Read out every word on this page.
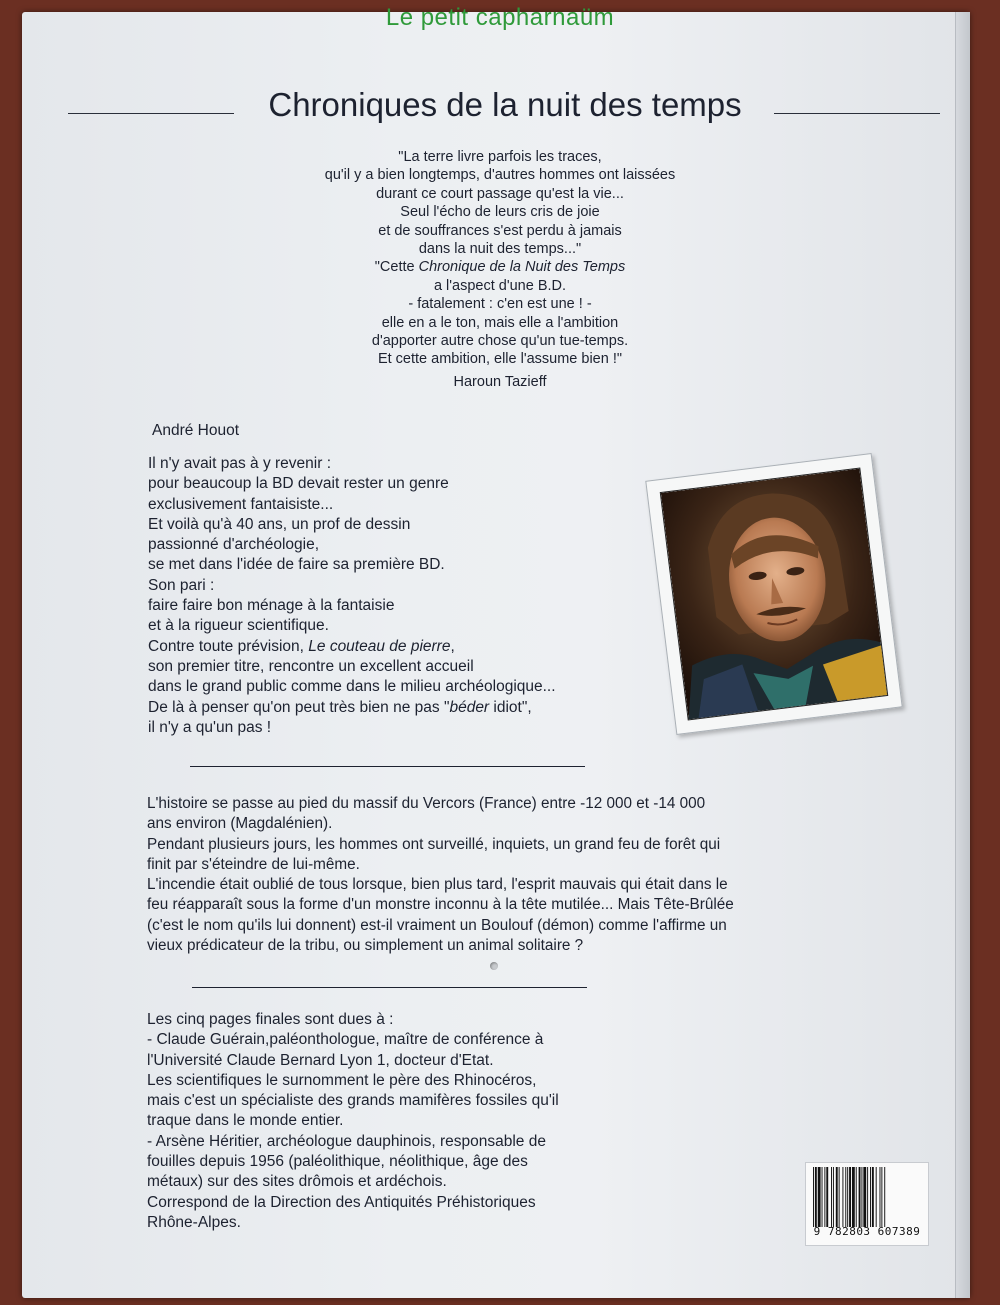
Le petit capharnaüm
Chroniques de la nuit des temps
"La terre livre parfois les traces,
qu'il y a bien longtemps, d'autres hommes ont laissées
durant ce court passage qu'est la vie...
Seul l'écho de leurs cris de joie
et de souffrances s'est perdu à jamais
dans la nuit des temps..."
"Cette Chronique de la Nuit des Temps
a l'aspect d'une B.D.
- fatalement : c'en est une ! -
elle en a le ton, mais elle a l'ambition
d'apporter autre chose qu'un tue-temps.
Et cette ambition, elle l'assume bien !"
Haroun Tazieff
André Houot
Il n'y avait pas à y revenir :
pour beaucoup la BD devait rester un genre
exclusivement fantaisiste...
Et voilà qu'à 40 ans, un prof de dessin
passionné d'archéologie,
se met dans l'idée de faire sa première BD.
Son pari :
faire faire bon ménage à la fantaisie
et à la rigueur scientifique.
Contre toute prévision, Le couteau de pierre,
son premier titre, rencontre un excellent accueil
dans le grand public comme dans le milieu archéologique...
De là à penser qu'on peut très bien ne pas "béder idiot",
il n'y a qu'un pas !
L'histoire se passe au pied du massif du Vercors (France) entre -12 000 et -14 000
ans environ (Magdalénien).
Pendant plusieurs jours, les hommes ont surveillé, inquiets, un grand feu de forêt qui
finit par s'éteindre de lui-même.
L'incendie était oublié de tous lorsque, bien plus tard, l'esprit mauvais qui était dans le
feu réapparaît sous la forme d'un monstre inconnu à la tête mutilée... Mais Tête-Brûlée
(c'est le nom qu'ils lui donnent) est-il vraiment un Boulouf (démon) comme l'affirme un
vieux prédicateur de la tribu, ou simplement un animal solitaire ?
Les cinq pages finales sont dues à :
- Claude Guérain,paléonthologue, maître de conférence à
l'Université Claude Bernard Lyon 1, docteur d'Etat.
Les scientifiques le surnomment le père des Rhinocéros,
mais c'est un spécialiste des grands mamifères fossiles qu'il
traque dans le monde entier.
- Arsène Héritier, archéologue dauphinois, responsable de
fouilles depuis 1956 (paléolithique, néolithique, âge des
métaux) sur des sites drômois et ardéchois.
Correspond de la Direction des Antiquités Préhistoriques
Rhône-Alpes.
9 782803 607389
